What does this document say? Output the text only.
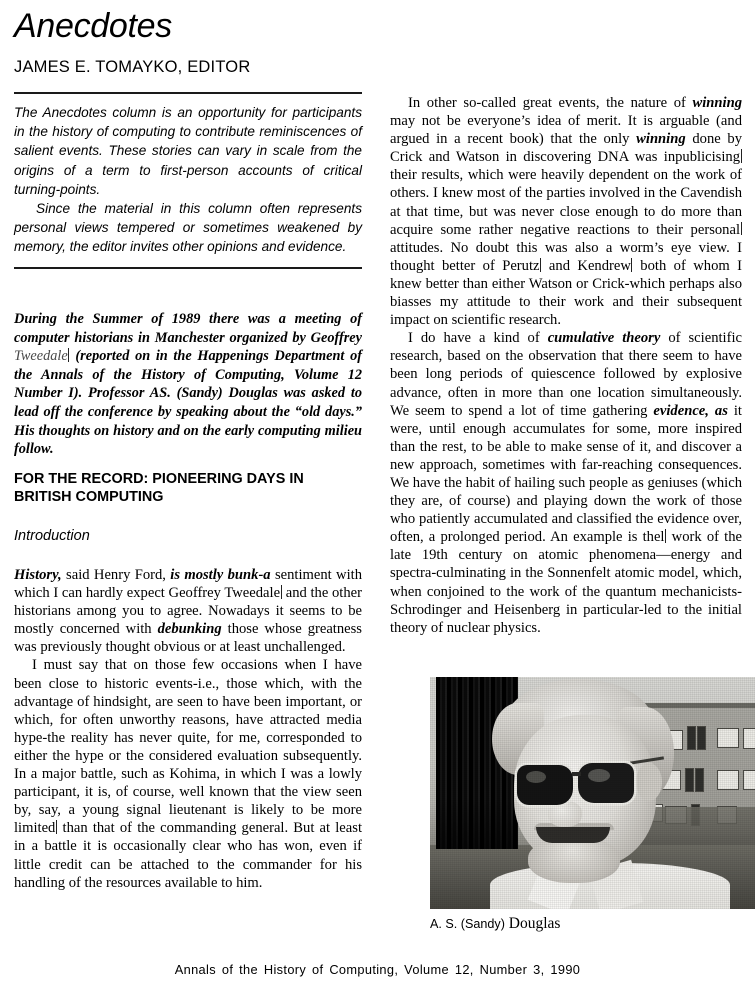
Anecdotes
JAMES E. TOMAYKO, EDITOR
The Anecdotes column is an opportunity for participants in the history of computing to contribute reminiscences of salient events. These stories can vary in scale from the origins of a term to first-person accounts of critical turning-points.
Since the material in this column often represents personal views tempered or sometimes weakened by memory, the editor invites other opinions and evidence.

During the Summer of 1989 there was a meeting of computer historians in Manchester organized by Geoffrey Tweedale (reported on in the Happenings Department of the Annals of the History of Computing, Volume 12 Number I). Professor AS. (Sandy) Douglas was asked to lead off the conference by speaking about the “old days.” His thoughts on history and on the early computing milieu follow.

FOR THE RECORD: PIONEERING DAYS IN BRITISH COMPUTING
Introduction

History, said Henry Ford, is mostly bunk-a sentiment with which I can hardly expect Geoffrey Tweedale and the other historians among you to agree. Nowadays it seems to be mostly concerned with debunking those whose greatness was previously thought obvious or at least unchallenged.

I must say that on those few occasions when I have been close to historic events-i.e., those which, with the advantage of hindsight, are seen to have been important, or which, for often unworthy reasons, have attracted media hype-the reality has never quite, for me, corresponded to either the hype or the considered evaluation subsequently. In a major battle, such as Kohima, in which I was a lowly participant, it is, of course, well known that the view seen by, say, a young signal lieutenant is likely to be more limited than that of the commanding general. But at least in a battle it is occasionally clear who has won, even if little credit can be attached to the commander for his handling of the resources available to him.

In other so-called great events, the nature of winning may not be everyone’s idea of merit. It is arguable (and argued in a recent book) that the only winning done by Crick and Watson in discovering DNA was inpublicising their results, which were heavily dependent on the work of others. I knew most of the parties involved in the Cavendish at that time, but was never close enough to do more than acquire some rather negative reactions to their personal attitudes. No doubt this was also a worm’s eye view. I thought better of Perutz and Kendrew both of whom I knew better than either Watson or Crick-which perhaps also biasses my attitude to their work and their subsequent impact on scientific research.

I do have a kind of cumulative theory of scientific research, based on the observation that there seem to have been long periods of quiescence followed by explosive advance, often in more than one location simultaneously. We seem to spend a lot of time gathering evidence, as it were, until enough accumulates for some, more inspired than the rest, to be able to make sense of it, and discover a new approach, sometimes with far-reaching consequences. We have the habit of hailing such people as geniuses (which they are, of course) and playing down the work of those who patiently accumulated and classified the evidence over, often, a prolonged period. An example is thel work of the late 19th century on atomic phenomena—energy and spectra-culminating in the Sonnenfelt atomic model, which, when conjoined to the work of the quantum mechanicists-Schrodinger and Heisenberg in particular-led to the initial theory of nuclear physics.

A. S. (Sandy) Douglas
Annals of the History of Computing, Volume 12, Number 3, 1990
